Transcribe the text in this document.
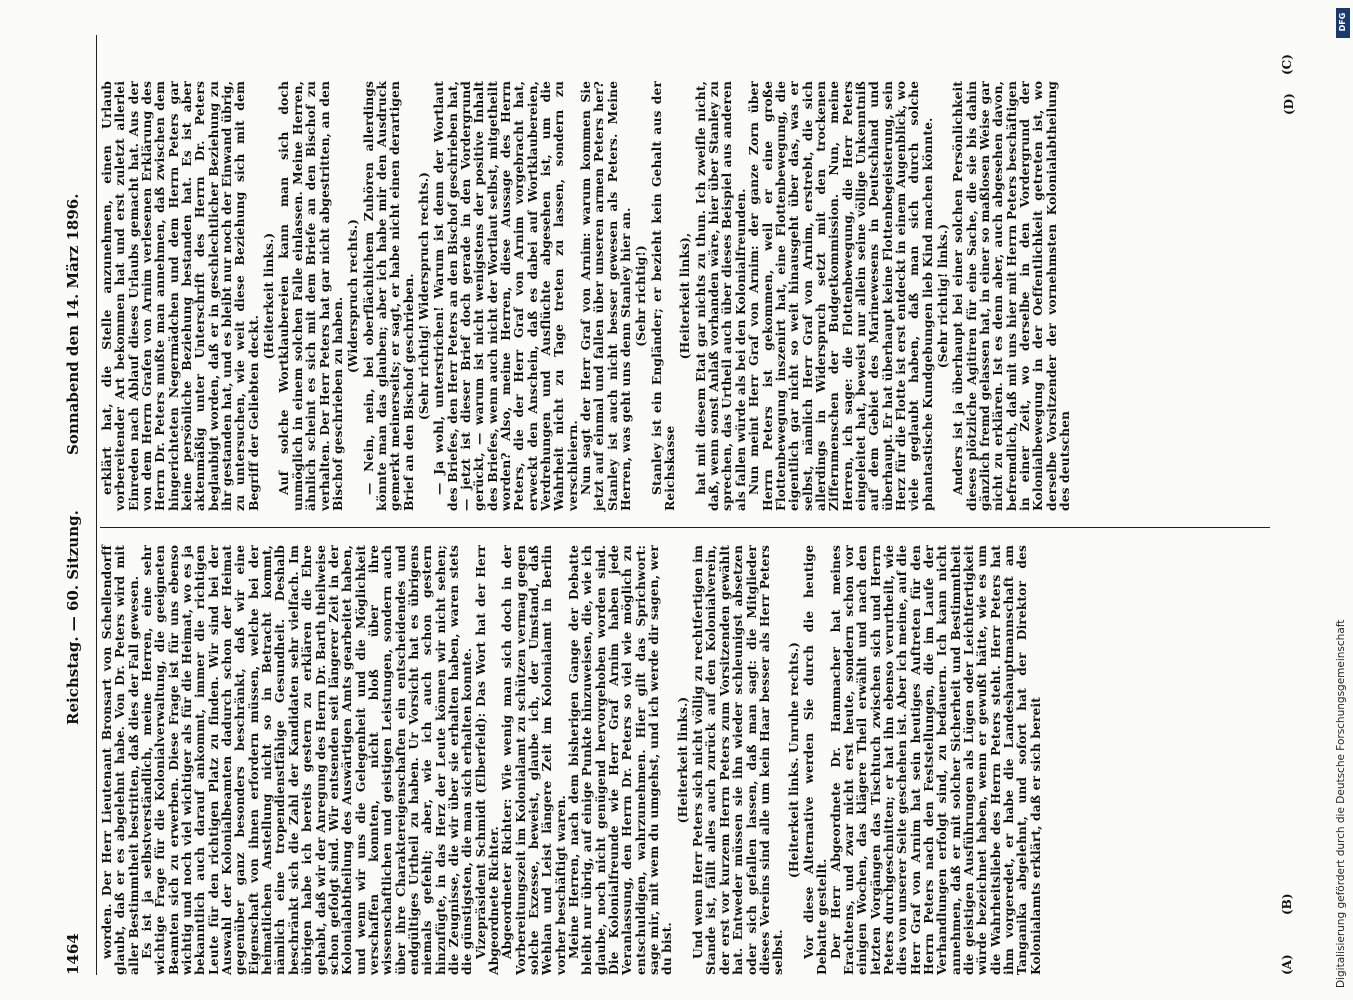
1464
Reichstag. — 60. Sitzung.
Sonnabend den 14. März 1896.

worden. Der Herr Lieutenant Bronsart von Schellendorff glaubt, daß er es abgelehnt habe. Von Dr. Peters wird mit aller Bestimmtheit bestritten, daß dies der Fall gewesen.

Es ist ja selbstverständlich, meine Herren, eine sehr wichtige Frage für die Kolonialverwaltung, die geeigneten Beamten sich zu erwerben. Diese Frage ist für uns ebenso wichtig und noch viel wichtiger als für die Heimat, wo es ja bekanntlich auch darauf ankommt, immer die richtigen Leute für den richtigen Platz zu finden. Wir sind bei der Auswahl der Kolonialbeamten dadurch schon der Heimat gegenüber ganz besonders beschränkt, daß wir eine Eigenschaft von ihnen erfordern müssen, welche bei der heimatlichen Anstellung nicht so in Betracht kommt, nämlich eine tropendienstfähige Gesundheit. Deshalb beschränkt sich die Zahl der Kandidaten sehr vielfach. Im übrigen habe ich bereits gestern zu erklären die Ehre gehabt, daß wir der Anregung des Herrn Dr. Barth theilweise schon gefolgt sind. Wir entsenden seit längerer Zeit in der Kolonialabtheilung des Auswärtigen Amts gearbeitet haben, und wenn wir uns die Gelegenheit und die Möglichkeit verschaffen konnten, nicht bloß über ihre wissenschaftlichen und geistigen Leistungen, sondern auch über ihre Charaktereigenschaften ein entscheidendes und endgültiges Urtheil zu haben. Ur Vorsicht hat es übrigens niemals gefehlt; aber, wie ich auch schon gestern hinzufügte, in das Herz der Leute können wir nicht sehen; die Zeugnisse, die wir über sie erhalten haben, waren stets die günstigsten, die man sich erhalten konnte.

Vizepräsident Schmidt (Elberfeld): Das Wort hat der Herr Abgeordnete Richter.

Abgeordneter Richter: Wie wenig man sich doch in der Vorbereitungszeit im Kolonialamt zu schützen vermag gegen solche Exzesse, beweist, glaube ich, der Umstand, daß Wehlan und Leist längere Zeit im Kolonialamt in Berlin vorher beschäftigt waren.

Meine Herren, nach dem bisherigen Gange der Debatte bleibt nur übrig, auf einige Punkte hinzuweisen, die, wie ich glaube, noch nicht genügend hervorgehoben worden sind. Die Kolonialfreunde wie Herr Graf Arnim haben jede Veranlassung, den Herrn Dr. Peters so viel wie möglich zu entschuldigen, wahrzunehmen. Hier gilt das Sprichwort: sage mir, mit wem du umgehst, und ich werde dir sagen, wer du bist.

(Heiterkeit links.) Und wenn Herr Peters sich nicht völlig zu rechtfertigen im Stande ist, fällt alles auch zurück auf den Kolonialverein, der erst vor kurzem Herrn Peters zum Vorsitzenden gewählt hat. Entweder müssen sie ihn wieder schleunigst absetzen oder sich gefallen lassen, daß man sagt: die Mitglieder dieses Vereins sind alle um kein Haar besser als Herr Peters selbst.

(Heiterkeit links. Unruhe rechts.) Vor diese Alternative werden Sie durch die heutige Debatte gestellt.

Der Herr Abgeordnete Dr. Hammacher hat meines Erachtens, und zwar nicht erst heute, sondern schon vor einigen Wochen, das klägere Theil erwählt und nach den letzten Vorgängen das Tischtuch zwischen sich und Herrn Peters durchgeschnitten; er hat ihn ebenso verurtheilt, wie dies von unserer Seite geschehen ist. Aber ich meine, auf die Herr Graf von Arnim hat sein heutiges Auftreten für den Herrn Peters nach den Feststellungen, die im Laufe der Verhandlungen erfolgt sind, zu bedauern. Ich kann nicht annehmen, daß er mit solcher Sicherheit und Bestimmtheit die geistigen Ausführungen als Lügen oder Leichtfertigkeit würde bezeichnet haben, wenn er gewußt hätte, wie es um die Wahrheitsliebe des Herrn Peters steht. Herr Peters hat ihm vorgeredet, er habe die Landeshauptmannschaft am Tanganika abgelehnt, und sofort hat der Direktor des Kolonialamts erklärt, daß er sich bereit

erklärt hat, die Stelle anzunehmen, einen Urlaub vorbereitender Art bekommen hat und erst zuletzt allerlei Einreden nach Ablauf dieses Urlaubs gemacht hat. Aus der von dem Herrn Grafen von Arnim verlesenen Erklärung des Herrn Dr. Peters mußte man annehmen, daß zwischen dem hingerichteten Negermädchen und dem Herrn Peters gar keine persönliche Beziehung bestanden hat. Es ist aber aktenmäßig unter Unterschrift des Herrn Dr. Peters beglaubigt worden, daß er in geschlechtlicher Beziehung zu ihr gestanden hat, und es bleibt nur noch der Einwand übrig, zu untersuchen, wie weit diese Beziehung sich mit dem Begriff der Geliebten deckt.

(Heiterkeit links.) Auf solche Wortklaubereien kann man sich doch unmöglich in einem solchen Falle einlassen. Meine Herren, ähnlich scheint es sich mit dem Briefe an den Bischof zu verhalten. Der Herr Peters hat gar nicht abgestritten, an den Bischof geschrieben zu haben.

(Widerspruch rechts.) — Nein, nein, bei oberflächlichem Zuhören allerdings könnte man das glauben; aber ich habe mir den Ausdruck gemerkt meinerseits; er sagt, er habe nicht einen derartigen Brief an den Bischof geschrieben. (Sehr richtig! Widerspruch rechts.) — Ja wohl, unterstrichen! Warum ist denn der Wortlaut des Briefes, den Herr Peters an den Bischof geschrieben hat, — jetzt ist dieser Brief doch gerade in den Vordergrund gerückt, — warum ist nicht wenigstens der positive Inhalt des Briefes, wenn auch nicht der Wortlaut selbst, mitgetheilt worden? Also, meine Herren, diese Aussage des Herrn Peters, die der Herr Graf von Arnim vorgebracht hat, erweckt den Anschein, daß es dabei auf Wortklaubereien, Verdrehungen und Ausflüchte abgesehen ist, um die Wahrheit nicht zu Tage treten zu lassen, sondern zu verschleiern.

Nun sagt der Herr Graf von Arnim: warum kommen Sie jetzt auf einmal und fallen über unseren armen Peters her? Stanley ist auch nicht besser gewesen als Peters. Meine Herren, was geht uns denn Stanley hier an. (Sehr richtig!) Stanley ist ein Engländer; er bezieht kein Gehalt aus der Reichskasse

(Heiterkeit links), hat mit diesem Etat gar nichts zu thun. Ich zweifle nicht, daß, wenn sonst Anlaß vorhanden wäre, hier über Stanley zu sprechen, das Urtheil auch über dieses Beispiel aus anderen als fallen würde als bei den Kolonialfreunden.

Nun meint Herr Graf von Arnim: der ganze Zorn über Herrn Peters ist gekommen, weil er eine große Flottenbewegung inszenirt hat, eine Flottenbewegung, die eigentlich gar nicht so weit hinausgeht über das, was er selbst, nämlich Herr Graf von Arnim, erstrebt, die sich allerdings in Widerspruch setzt mit den trockenen Ziffernmenschen der Budgetkommission. Nun, meine Herren, ich sage: die Flottenbewegung, die Herr Peters eingeleitet hat, beweist nur allein seine völlige Unkenntniß auf dem Gebiet des Marinewesens in Deutschland und überhaupt. Er hat überhaupt keine Flottenbegeisterung, sein Herz für die Flotte ist erst entdeckt in einem Augenblick, wo viele geglaubt haben, daß man sich durch solche phantastische Kundgebungen lieb Kind machen könnte. (Sehr richtig! links.) Anders ist ja überhaupt bei einer solchen Persönlichkeit dieses plötzliche Agitiren für eine Sache, die sie bis dahin gänzlich fremd gelassen hat, in einer so maßlosen Weise gar nicht zu erklären. Ist es denn aber, auch abgesehen davon, befremdlich, daß mit uns hier mit Herrn Peters beschäftigen in einer Zeit, wo derselbe in den Vordergrund der Kolonialbewegung in der Oeffentlichkeit getreten ist, wo derselbe Vorsitzender der vornehmsten Kolonialabtheilung des deutschen

(A)
(B)
(C)
(D)
DFG
Digitalisierung gefördert durch die Deutsche Forschungsgemeinschaft
